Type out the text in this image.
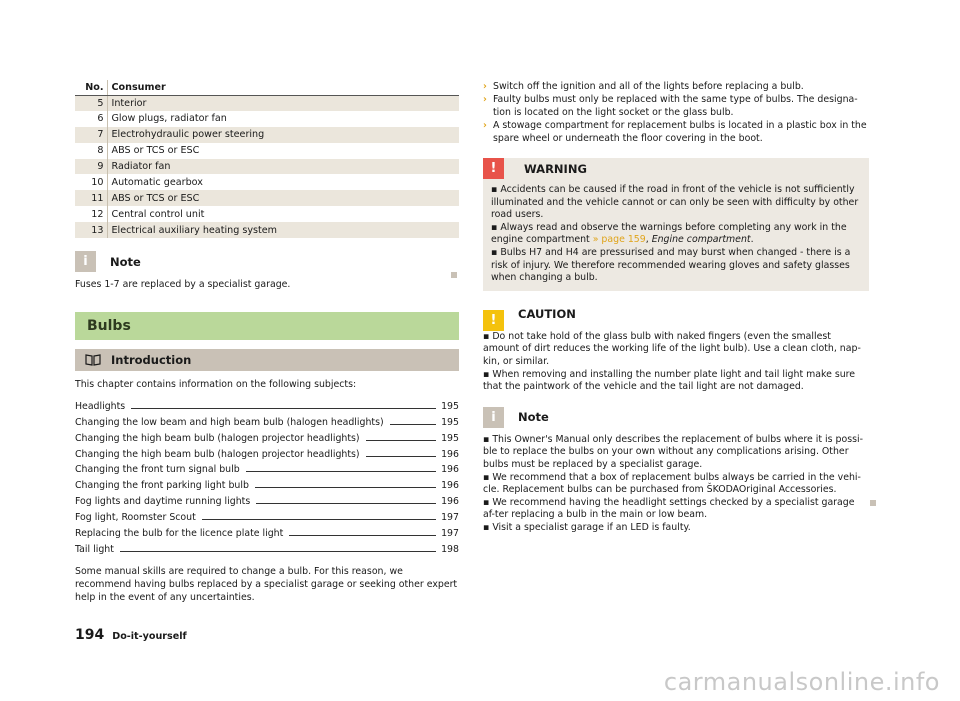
No.	Consumer
5	Interior
6	Glow plugs, radiator fan
7	Electrohydraulic power steering
8	ABS or TCS or ESC
9	Radiator fan
10	Automatic gearbox
11	ABS or TCS or ESC
12	Central control unit
13	Electrical auxiliary heating system
i	Note
Fuses 1-7 are replaced by a specialist garage.
Bulbs
Introduction
This chapter contains information on the following subjects:
Headlights	195
Changing the low beam and high beam bulb (halogen headlights)	195
Changing the high beam bulb (halogen projector headlights)	195
Changing the high beam bulb (halogen projector headlights)	196
Changing the front turn signal bulb	196
Changing the front parking light bulb	196
Fog lights and daytime running lights	196
Fog light, Roomster Scout	197
Replacing the bulb for the licence plate light	197
Tail light	198
Some manual skills are required to change a bulb. For this reason, we recommend having bulbs replaced by a specialist garage or seeking other expert help in the event of any uncertainties.
› Switch off the ignition and all of the lights before replacing a bulb.
› Faulty bulbs must only be replaced with the same type of bulbs. The designa-tion is located on the light socket or the glass bulb.
› A stowage compartment for replacement bulbs is located in a plastic box in the spare wheel or underneath the floor covering in the boot.
!	WARNING
▪ Accidents can be caused if the road in front of the vehicle is not sufficiently illuminated and the vehicle cannot or can only be seen with difficulty by other road users.
▪ Always read and observe the warnings before completing any work in the engine compartment » page 159, Engine compartment.
▪ Bulbs H7 and H4 are pressurised and may burst when changed - there is a risk of injury. We therefore recommended wearing gloves and safety glasses when changing a bulb.
!	CAUTION
▪ Do not take hold of the glass bulb with naked fingers (even the smallest amount of dirt reduces the working life of the light bulb). Use a clean cloth, nap-kin, or similar.
▪ When removing and installing the number plate light and tail light make sure that the paintwork of the vehicle and the tail light are not damaged.
i	Note
▪ This Owner's Manual only describes the replacement of bulbs where it is possi-ble to replace the bulbs on your own without any complications arising. Other bulbs must be replaced by a specialist garage.
▪ We recommend that a box of replacement bulbs always be carried in the vehi-cle. Replacement bulbs can be purchased from ŠKODAOriginal Accessories.
▪ We recommend having the headlight settings checked by a specialist garage af-ter replacing a bulb in the main or low beam.
▪ Visit a specialist garage if an LED is faulty.
194 Do-it-yourself
carmanualsonline.info
